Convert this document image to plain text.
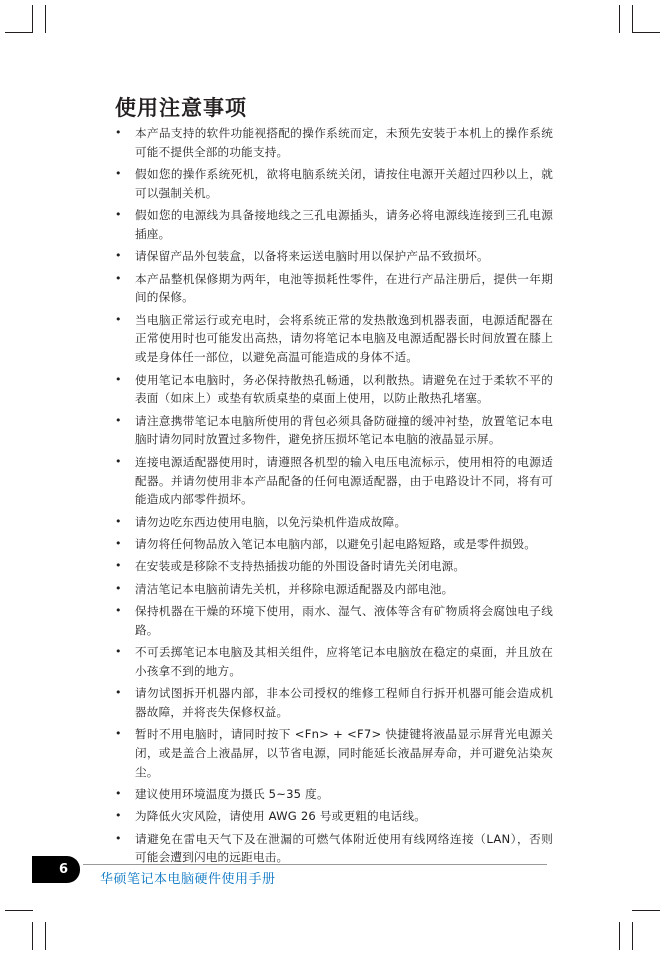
使用注意事项
• 本产品支持的软件功能视搭配的操作系统而定，未预先安装于本机上的操作系统可能不提供全部的功能支持。
• 假如您的操作系统死机，欲将电脑系统关闭，请按住电源开关超过四秒以上，就可以强制关机。
• 假如您的电源线为具备接地线之三孔电源插头，请务必将电源线连接到三孔电源插座。
• 请保留产品外包装盒，以备将来运送电脑时用以保护产品不致损坏。
• 本产品整机保修期为两年，电池等损耗性零件，在进行产品注册后，提供一年期间的保修。
• 当电脑正常运行或充电时，会将系统正常的发热散逸到机器表面，电源适配器在正常使用时也可能发出高热，请勿将笔记本电脑及电源适配器长时间放置在膝上或是身体任一部位，以避免高温可能造成的身体不适。
• 使用笔记本电脑时，务必保持散热孔畅通，以利散热。请避免在过于柔软不平的表面（如床上）或垫有软质桌垫的桌面上使用，以防止散热孔堵塞。
• 请注意携带笔记本电脑所使用的背包必须具备防碰撞的缓冲衬垫，放置笔记本电脑时请勿同时放置过多物件，避免挤压损坏笔记本电脑的液晶显示屏。
• 连接电源适配器使用时，请遵照各机型的输入电压电流标示，使用相符的电源适配器。并请勿使用非本产品配备的任何电源适配器，由于电路设计不同，将有可能造成内部零件损坏。
• 请勿边吃东西边使用电脑，以免污染机件造成故障。
• 请勿将任何物品放入笔记本电脑内部，以避免引起电路短路，或是零件损毁。
• 在安装或是移除不支持热插拔功能的外围设备时请先关闭电源。
• 清洁笔记本电脑前请先关机，并移除电源适配器及内部电池。
• 保持机器在干燥的环境下使用，雨水、湿气、液体等含有矿物质将会腐蚀电子线路。
• 不可丢掷笔记本电脑及其相关组件，应将笔记本电脑放在稳定的桌面，并且放在小孩拿不到的地方。
• 请勿试图拆开机器内部，非本公司授权的维修工程师自行拆开机器可能会造成机器故障，并将丧失保修权益。
• 暂时不用电脑时，请同时按下 <Fn> + <F7> 快捷键将液晶显示屏背光电源关闭，或是盖合上液晶屏，以节省电源，同时能延长液晶屏寿命，并可避免沾染灰尘。
• 建议使用环境温度为摄氏 5~35 度。
• 为降低火灾风险，请使用 AWG 26 号或更粗的电话线。
• 请避免在雷电天气下及在泄漏的可燃气体附近使用有线网络连接（LAN），否则可能会遭到闪电的远距电击。
6
华硕笔记本电脑硬件使用手册
